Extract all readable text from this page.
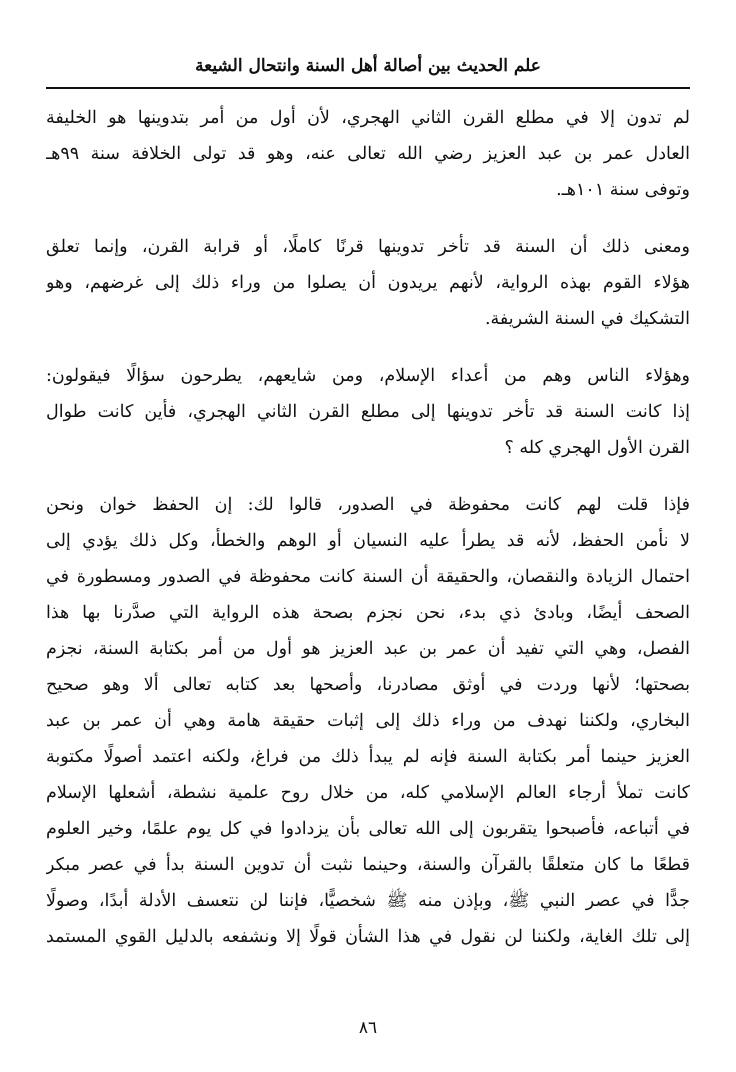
علم الحديث بين أصالة أهل السنة وانتحال الشيعة
لم تدون إلا في مطلع القرن الثاني الهجري، لأن أول من أمر بتدوينها هو الخليفة
العادل عمر بن عبد العزيز رضي الله تعالى عنه، وهو قد تولى الخلافة سنة ٩٩هـ
وتوفى سنة ١٠١هـ.
ومعنى ذلك أن السنة قد تأخر تدوينها قرنًا كاملًا، أو قرابة القرن، وإنما تعلق
هؤلاء القوم بهذه الرواية، لأنهم يريدون أن يصلوا من وراء ذلك إلى غرضهم، وهو
التشكيك في السنة الشريفة.
وهؤلاء الناس وهم من أعداء الإسلام، ومن شايعهم، يطرحون سؤالًا فيقولون:
إذا كانت السنة قد تأخر تدوينها إلى مطلع القرن الثاني الهجري، فأين كانت طوال
القرن الأول الهجري كله ؟
فإذا قلت لهم كانت محفوظة في الصدور، قالوا لك: إن الحفظ خوان ونحن
لا نأمن الحفظ، لأنه قد يطرأ عليه النسيان أو الوهم والخطأ، وكل ذلك يؤدي إلى
احتمال الزيادة والنقصان، والحقيقة أن السنة كانت محفوظة في الصدور ومسطورة في
الصحف أيضًا، وبادئ ذي بدء، نحن نجزم بصحة هذه الرواية التي صدَّرنا بها هذا
الفصل، وهي التي تفيد أن عمر بن عبد العزيز هو أول من أمر بكتابة السنة، نجزم
بصحتها؛ لأنها وردت في أوثق مصادرنا، وأصحها بعد كتابه تعالى ألا وهو صحيح
البخاري، ولكننا نهدف من وراء ذلك إلى إثبات حقيقة هامة وهي أن عمر بن عبد
العزيز حينما أمر بكتابة السنة فإنه لم يبدأ ذلك من فراغ، ولكنه اعتمد أصولًا مكتوبة
كانت تملأ أرجاء العالم الإسلامي كله، من خلال روح علمية نشطة، أشعلها الإسلام
في أتباعه، فأصبحوا يتقربون إلى الله تعالى بأن يزدادوا في كل يوم علمًا، وخير العلوم
قطعًا ما كان متعلقًا بالقرآن والسنة، وحينما نثبت أن تدوين السنة بدأ في عصر مبكر
جدًّا في عصر النبي ﷺ، وبإذن منه ﷺ شخصيًّا، فإننا لن نتعسف الأدلة أبدًا، وصولًا
إلى تلك الغاية، ولكننا لن نقول في هذا الشأن قولًا إلا ونشفعه بالدليل القوي المستمد
٨٦
